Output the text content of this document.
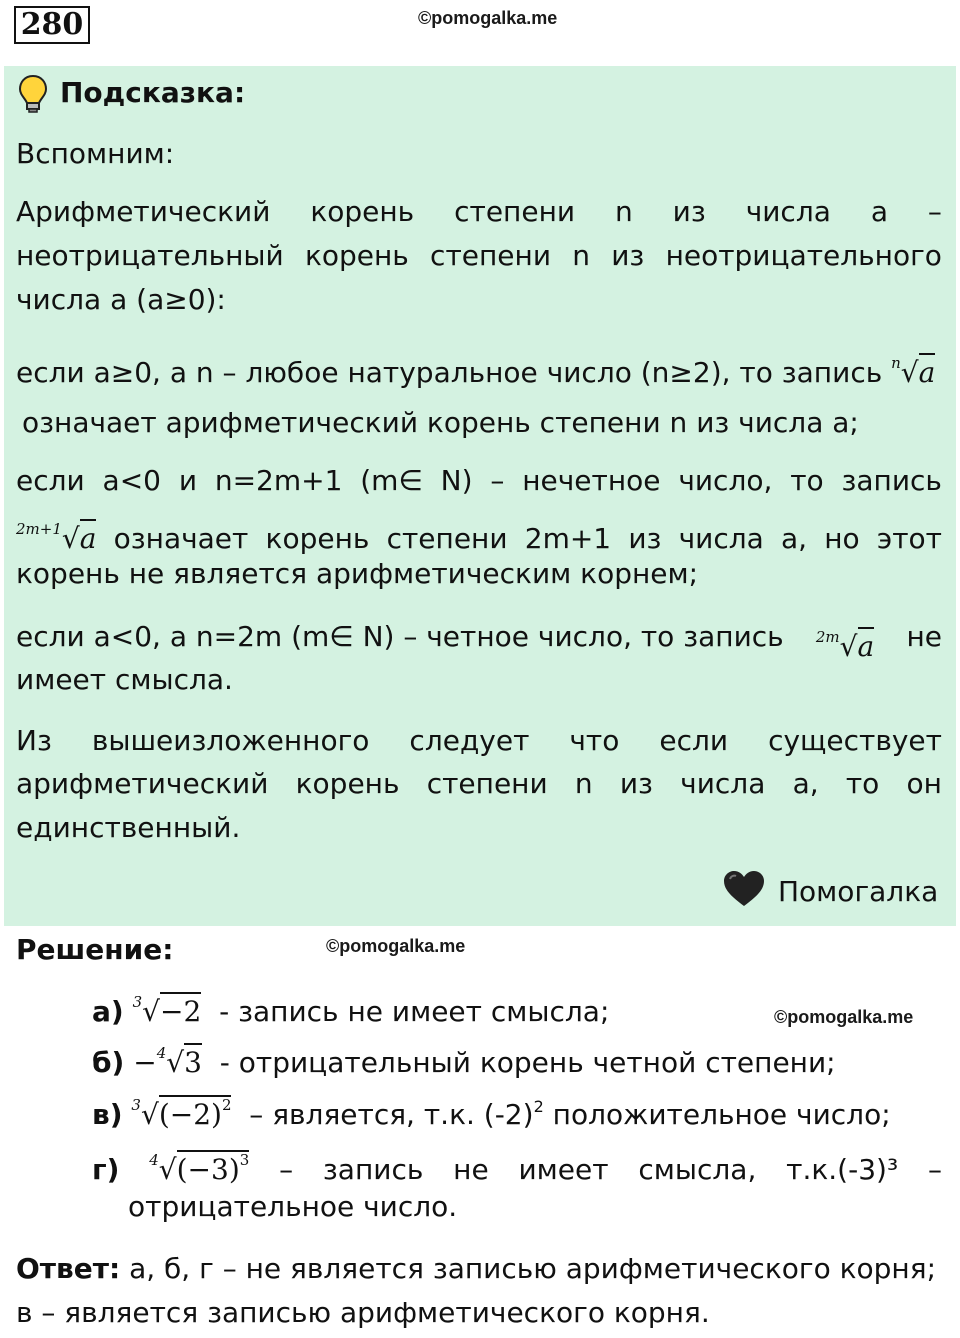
280	©pomogalka.me
Подсказка:
Вспомним:
Арифметический корень степени n из числа a –
неотрицательный корень степени n из неотрицательного
числа a (a≥0):
если a≥0, а n – любое натуральное число (n≥2), то запись $^n$√a
означает арифметический корень степени n из числа a;
если a<0 и n=2m+1 (m∈ N) – нечетное число, то запись
$^{2m+1}$√a означает корень степени 2m+1 из числа a, но этот
корень не является арифметическим корнем;
если a<0, а n=2m (m∈ N) – четное число, то запись $^{2m}$√a не
имеет смысла.
Из вышеизложенного следует что если существует
арифметический корень степени n из числа a, то он
единственный.
Помогалка
Решение:	©pomogalka.me
©pomogalka.me
а) $^3$√−2 - запись не имеет смысла;
б) −$^4$√3 - отрицательный корень четной степени;
в) $^3√(-2)^2$ – является, т.к. $(-2)^2$ положительное число;
г) $^4√(-3)^3$ – запись не имеет смысла, т.к.(-3)³ –
отрицательное число.
Ответ: а, б, г – не является записью арифметического корня;
в – является записью арифметического корня.
